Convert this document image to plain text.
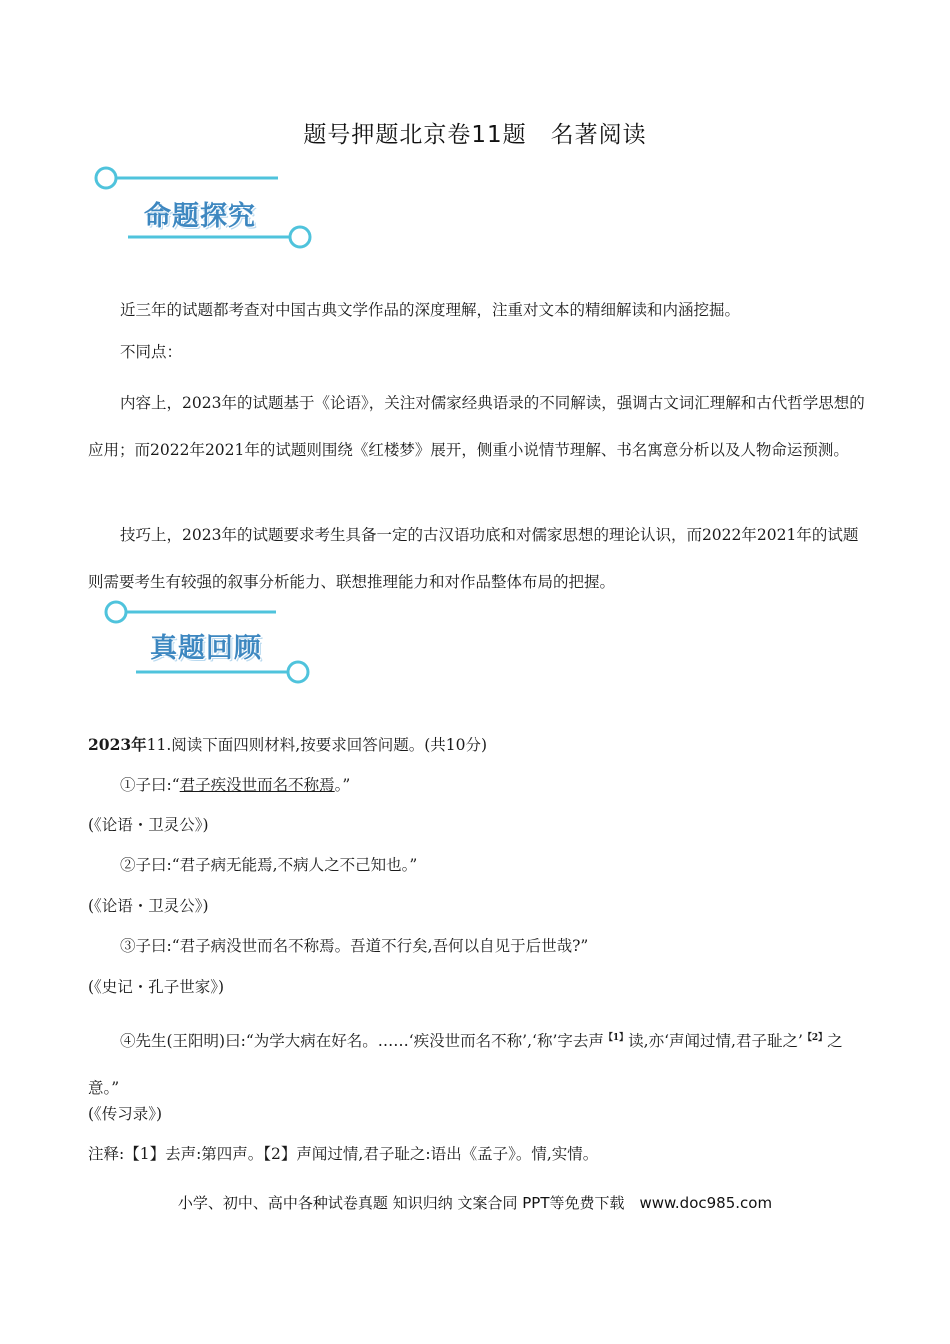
题号押题北京卷11题　名著阅读
命题探究
近三年的试题都考查对中国古典文学作品的深度理解，注重对文本的精细解读和内涵挖掘。
不同点：
内容上，2023年的试题基于《论语》，关注对儒家经典语录的不同解读，强调古文词汇理解和古代哲学思想的应用；而2022年2021年的试题则围绕《红楼梦》展开，侧重小说情节理解、书名寓意分析以及人物命运预测。
技巧上，2023年的试题要求考生具备一定的古汉语功底和对儒家思想的理论认识，而2022年2021年的试题则需要考生有较强的叙事分析能力、联想推理能力和对作品整体布局的把握。
真题回顾
2023年11.阅读下面四则材料,按要求回答问题。(共10分)
①子曰:“君子疾没世而名不称焉。”
(《论语・卫灵公》)
②子曰:“君子病无能焉,不病人之不己知也。”
(《论语・卫灵公》)
③子曰:“君子病没世而名不称焉。吾道不行矣,吾何以自见于后世哉?”
(《史记・孔子世家》)
④先生(王阳明)曰:“为学大病在好名。……‘疾没世而名不称’,‘称’字去声$^{【1】}$读,亦‘声闻过情,君子耻之’$^{【2】}$之意。”
(《传习录》)
注释:【1】去声:第四声。【2】声闻过情,君子耻之:语出《孟子》。情,实情。
小学、初中、高中各种试卷真题 知识归纳 文案合同 PPT等免费下载　www.doc985.com
